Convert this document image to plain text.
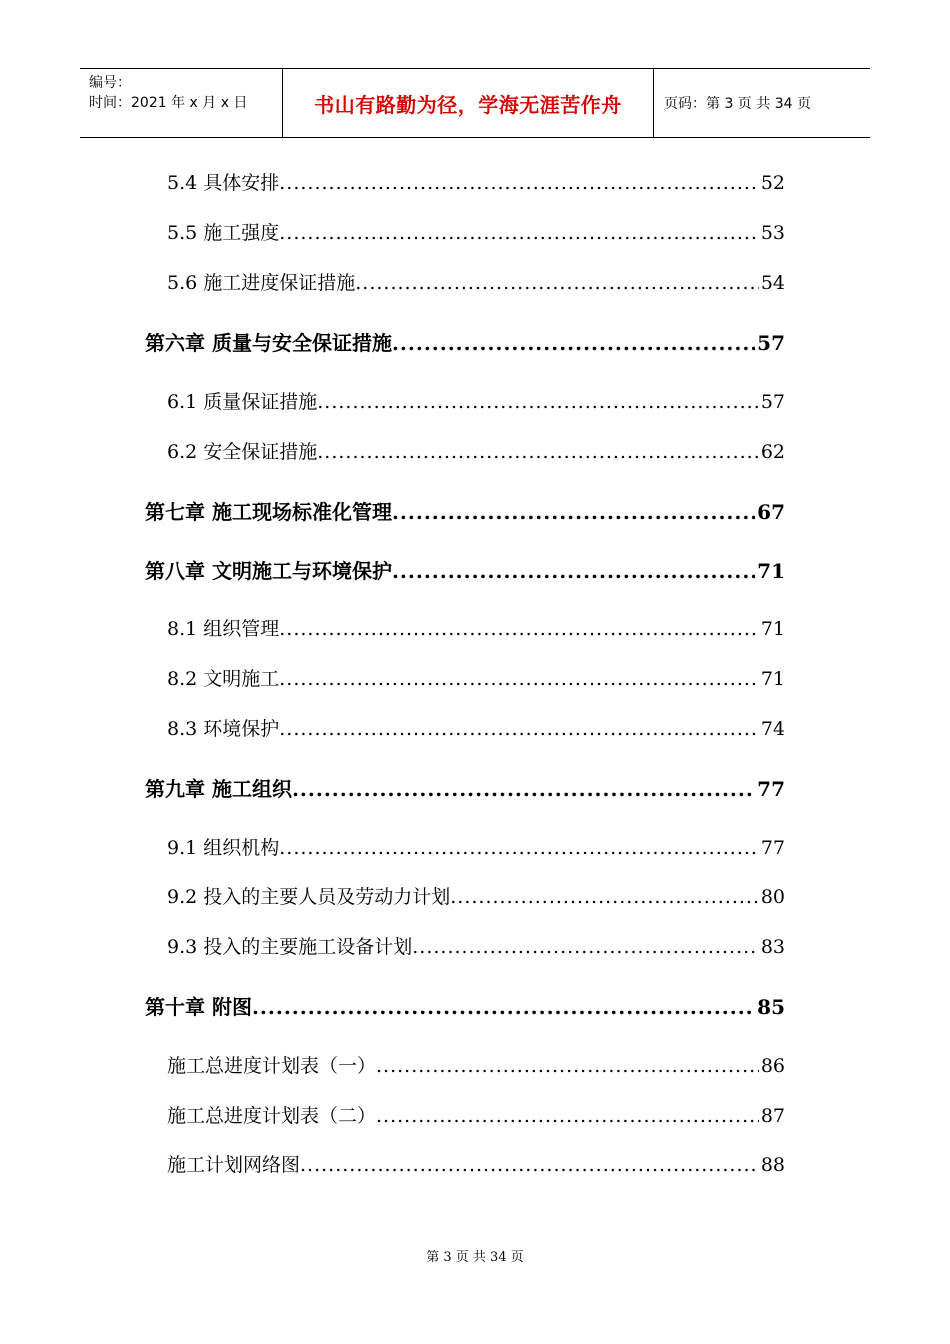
编号：
时间：2021 年 x 月 x 日	书山有路勤为径，学海无涯苦作舟	页码：第 3 页 共 34 页
5.4 具体安排 .....	52
5.5 施工强度 .....	53
5.6 施工进度保证措施 .....	54
第六章 质量与安全保证措施 .....	57
6.1 质量保证措施 .....	57
6.2 安全保证措施 .....	62
第七章 施工现场标准化管理 .....	67
第八章 文明施工与环境保护 .....	71
8.1 组织管理 .....	71
8.2 文明施工 .....	71
8.3 环境保护 .....	74
第九章 施工组织 .....	77
9.1 组织机构 .....	77
9.2 投入的主要人员及劳动力计划 .....	80
9.3 投入的主要施工设备计划 .....	83
第十章 附图 .....	85
施工总进度计划表（一） .....	86
施工总进度计划表（二） .....	87
施工计划网络图 .....	88
第 3 页 共 34 页
